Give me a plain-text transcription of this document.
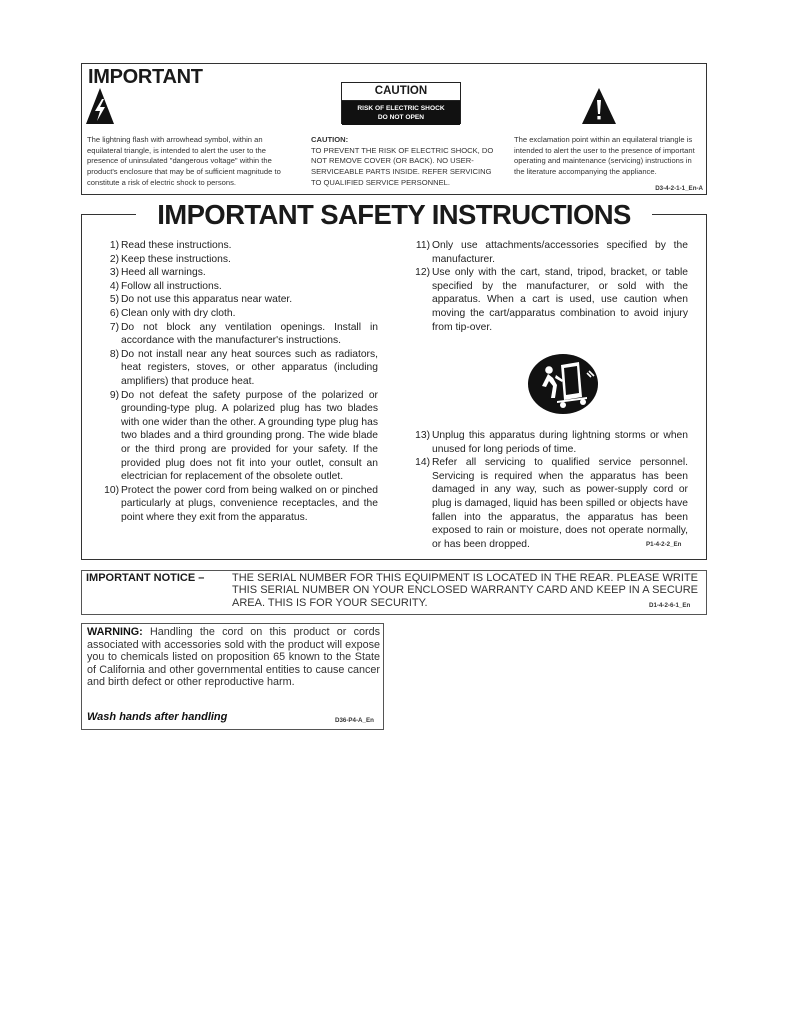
IMPORTANT
CAUTION
RISK OF ELECTRIC SHOCK
DO NOT OPEN
The lightning flash with arrowhead symbol, within an equilateral triangle, is intended to alert the user to the presence of uninsulated "dangerous voltage" within the product's enclosure that may be of sufficient magnitude to constitute a risk of electric shock to persons.
CAUTION:
TO PREVENT THE RISK OF ELECTRIC SHOCK, DO NOT REMOVE COVER (OR BACK). NO USER-SERVICEABLE PARTS INSIDE. REFER SERVICING TO QUALIFIED SERVICE PERSONNEL.
The exclamation point within an equilateral triangle is intended to alert the user to the presence of important operating and maintenance (servicing) instructions in the literature accompanying the appliance.
D3-4-2-1-1_En-A
IMPORTANT SAFETY INSTRUCTIONS
1) Read these instructions.
2) Keep these instructions.
3) Heed all warnings.
4) Follow all instructions.
5) Do not use this apparatus near water.
6) Clean only with dry cloth.
7) Do not block any ventilation openings. Install in accordance with the manufacturer's instructions.
8) Do not install near any heat sources such as radiators, heat registers, stoves, or other apparatus (including amplifiers) that produce heat.
9) Do not defeat the safety purpose of the polarized or grounding-type plug. A polarized plug has two blades with one wider than the other. A grounding type plug has two blades and a third grounding prong. The wide blade or the third prong are provided for your safety. If the provided plug does not fit into your outlet, consult an electrician for replacement of the obsolete outlet.
10) Protect the power cord from being walked on or pinched particularly at plugs, convenience receptacles, and the point where they exit from the apparatus.
11) Only use attachments/accessories specified by the manufacturer.
12) Use only with the cart, stand, tripod, bracket, or table specified by the manufacturer, or sold with the apparatus. When a cart is used, use caution when moving the cart/apparatus combination to avoid injury from tip-over.
13) Unplug this apparatus during lightning storms or when unused for long periods of time.
14) Refer all servicing to qualified service personnel. Servicing is required when the apparatus has been damaged in any way, such as power-supply cord or plug is damaged, liquid has been spilled or objects have fallen into the apparatus, the apparatus has been exposed to rain or moisture, does not operate normally, or has been dropped.	P1-4-2-2_En
IMPORTANT NOTICE –	THE SERIAL NUMBER FOR THIS EQUIPMENT IS LOCATED IN THE REAR. PLEASE WRITE THIS SERIAL NUMBER ON YOUR ENCLOSED WARRANTY CARD AND KEEP IN A SECURE AREA. THIS IS FOR YOUR SECURITY.	D1-4-2-6-1_En
WARNING: Handling the cord on this product or cords associated with accessories sold with the product will expose you to chemicals listed on proposition 65 known to the State of California and other governmental entities to cause cancer and birth defect or other reproductive harm.
Wash hands after handling	D36-P4-A_En
